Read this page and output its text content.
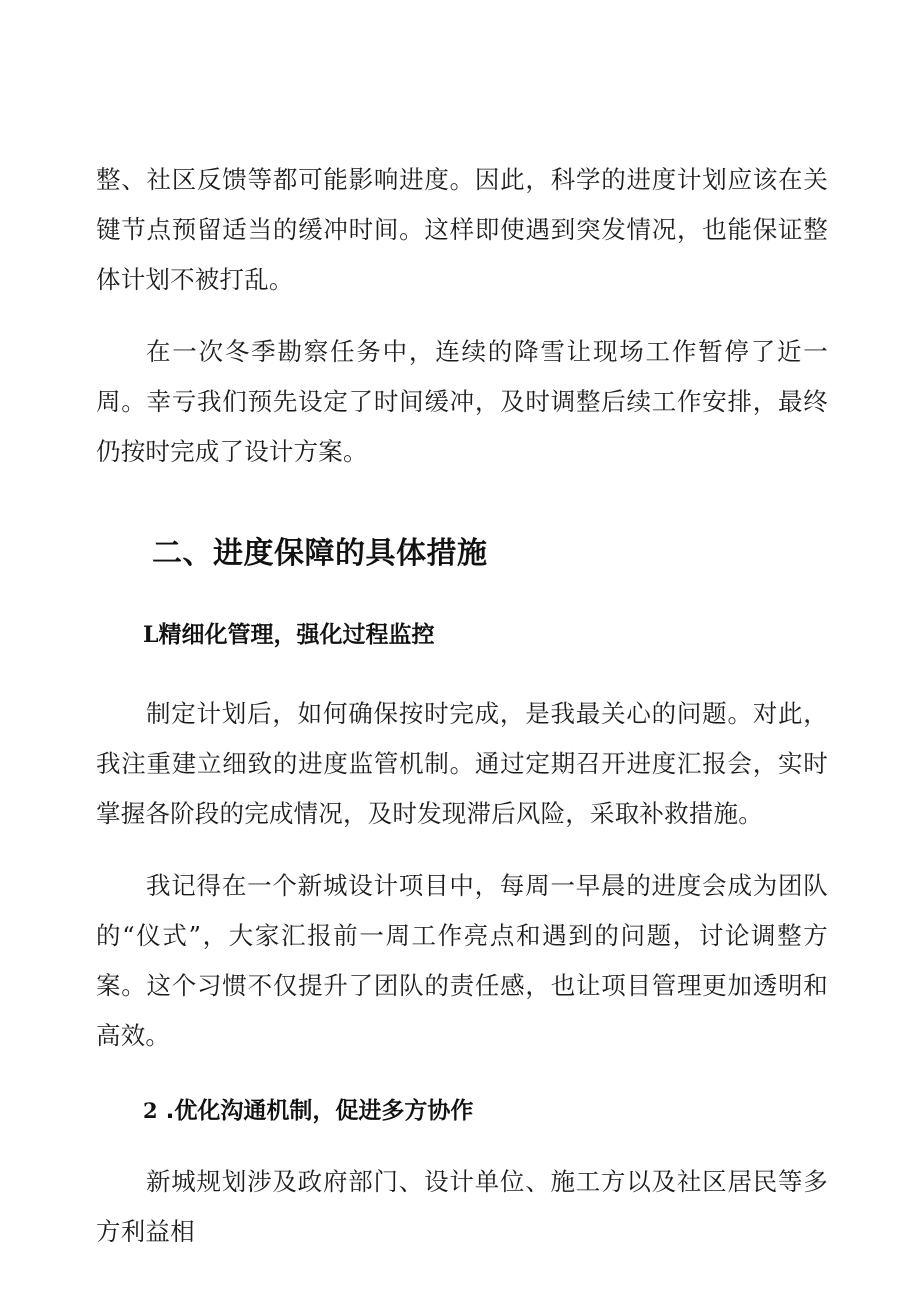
整、社区反馈等都可能影响进度。因此，科学的进度计划应该在关键节点预留适当的缓冲时间。这样即使遇到突发情况，也能保证整体计划不被打乱。

在一次冬季勘察任务中，连续的降雪让现场工作暂停了近一周。幸亏我们预先设定了时间缓冲，及时调整后续工作安排，最终仍按时完成了设计方案。

二、进度保障的具体措施
L精细化管理，强化过程监控

制定计划后，如何确保按时完成，是我最关心的问题。对此，我注重建立细致的进度监管机制。通过定期召开进度汇报会，实时掌握各阶段的完成情况，及时发现滞后风险，采取补救措施。

我记得在一个新城设计项目中，每周一早晨的进度会成为团队的“仪式”，大家汇报前一周工作亮点和遇到的问题，讨论调整方案。这个习惯不仅提升了团队的责任感，也让项目管理更加透明和高效。

2 .优化沟通机制，促进多方协作

新城规划涉及政府部门、设计单位、施工方以及社区居民等多方利益相
